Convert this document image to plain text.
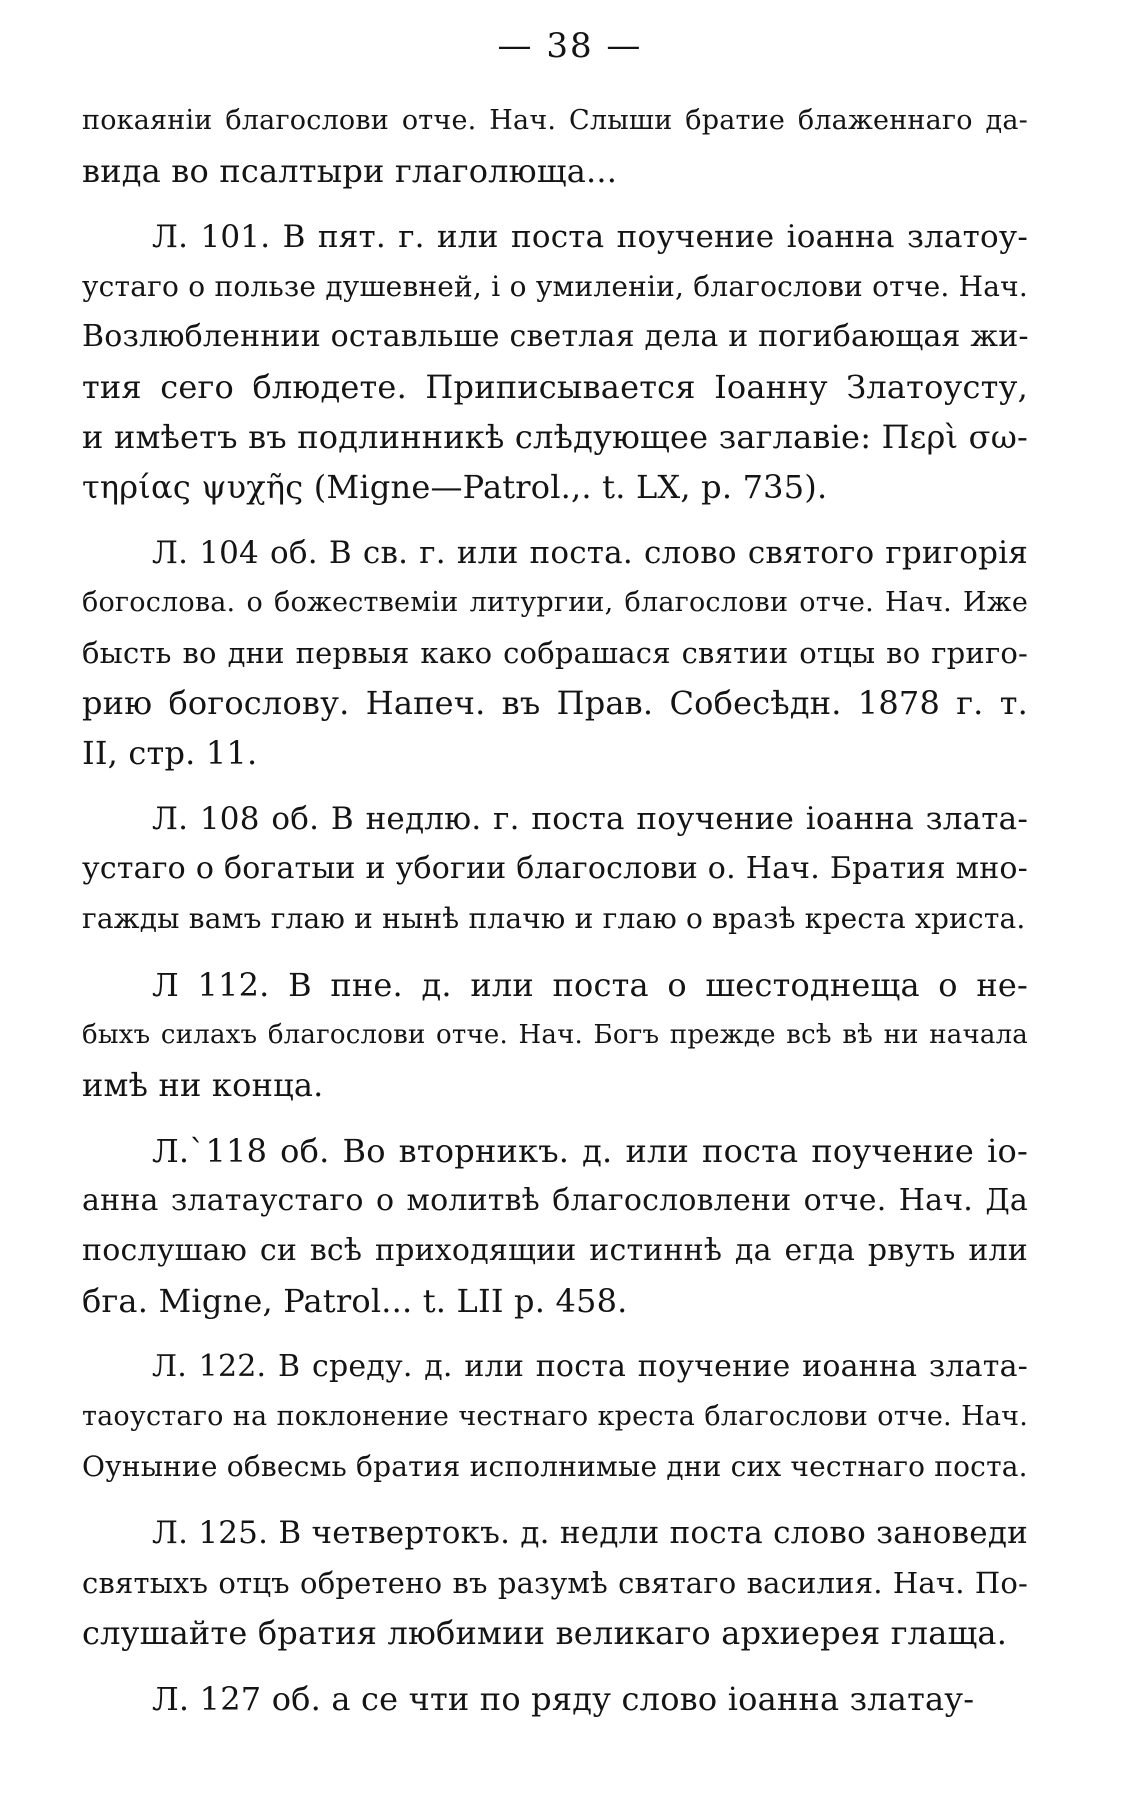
— 38 —
покаяніи благослови отче. Нач. Слыши братие блаженнаго да-
вида во псалтыри глаголюща...
Л. 101. В пят. г. или поста поучение іоанна златоу-
устаго о пользе душевней, і о умиленіи, благослови отче. Нач.
Возлюбленнии оставльше светлая дела и погибающая жи-
тия сего блюдете. Приписывается Іоанну Златоусту,
и имѣетъ въ подлинникѣ слѣдующее заглавіе: Περὶ σω-
τηρίας ψυχῆς (Migne—Patrol.,. t. LX, p. 735).
Л. 104 об. В св. г. или поста. слово святого григорія
богослова. о божествеміи литургии, благослови отче. Нач. Иже
бысть во дни первыя како собрашася святии отцы во григо-
рию богослову. Напеч. въ Прав. Собесѣдн. 1878 г. т.
II, стр. 11.
Л. 108 об. В недлю. г. поста поучение іоанна злата-
устаго о богатыи и убогии благослови о. Нач. Братия мно-
гажды вамъ глаю и нынѣ плачю и глаю о вразѣ креста христа.
Л 112. В пне. д. или поста о шестоднеща о не-
быхъ силахъ благослови отче. Нач. Богъ прежде всѣ вѣ ни начала
имѣ ни конца.
Л.`118 об. Во вторникъ. д. или поста поучение іо-
анна златаустаго о молитвѣ благословлени отче. Нач. Да
послушаю си всѣ приходящии истиннѣ да егда рвуть или
бга. Migne, Patrol... t. LII p. 458.
Л. 122. В среду. д. или поста поучение иоанна злата-
таоустаго на поклонение честнаго креста благослови отче. Нач.
Оуныние обвесмь братия исполнимые дни сих честнаго поста.
Л. 125. В четвертокъ. д. недли поста слово зановеди
святыхъ отцъ обретено въ разумѣ святаго василия. Нач. По-
слушайте братия любимии великаго архиерея глаща.
Л. 127 об. а се чти по ряду слово іоанна златау-
